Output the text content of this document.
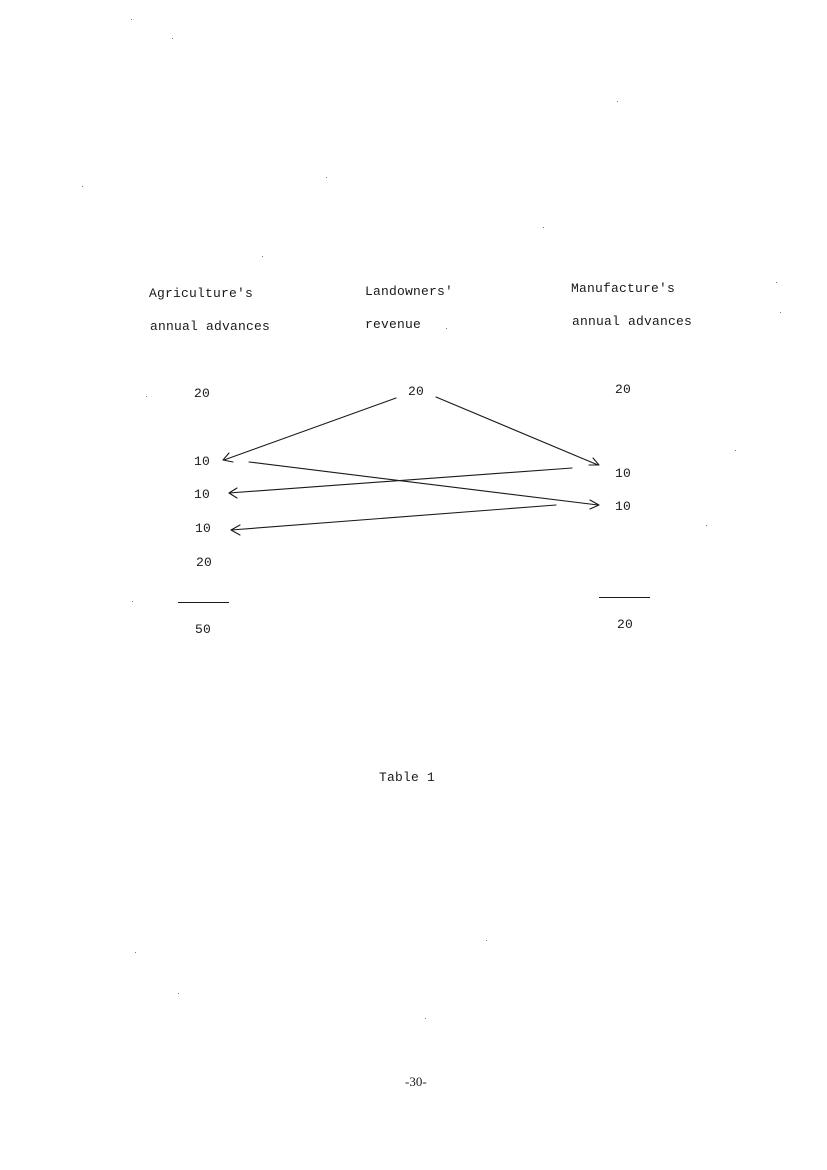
Agriculture's
annual advances
Landowners'
revenue
Manufacture's
annual advances
20
10
10
10
20
50
20	20
10
10
20
Table 1
-30-
